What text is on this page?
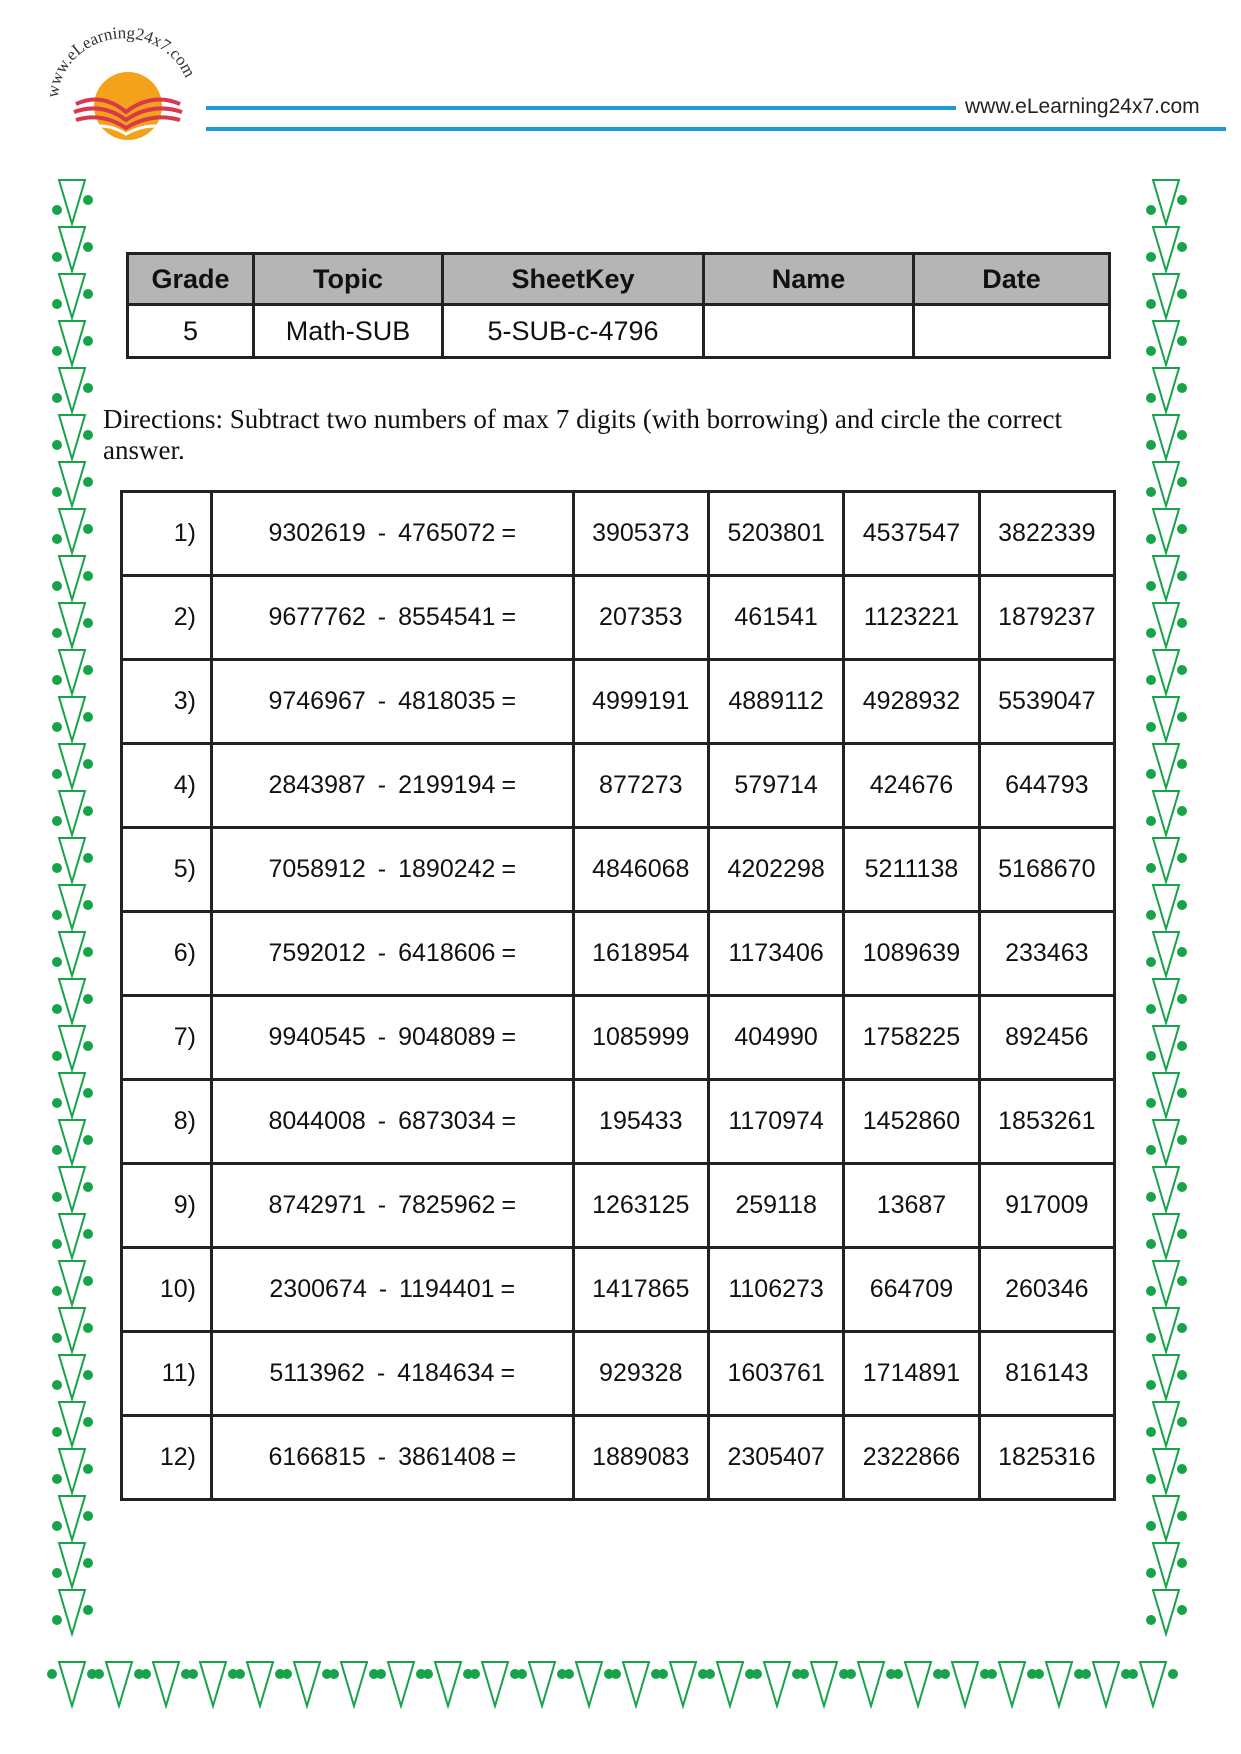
www.eLearning24x7.com
www.eLearning24x7.com
Grade	Topic	SheetKey	Name	Date
5	Math-SUB	5-SUB-c-4796		
Directions: Subtract two numbers of max 7 digits (with borrowing) and circle the correct answer.
1)	9302619 - 4765072 =	3905373	5203801	4537547	3822339
2)	9677762 - 8554541 =	207353	461541	1123221	1879237
3)	9746967 - 4818035 =	4999191	4889112	4928932	5539047
4)	2843987 - 2199194 =	877273	579714	424676	644793
5)	7058912 - 1890242 =	4846068	4202298	5211138	5168670
6)	7592012 - 6418606 =	1618954	1173406	1089639	233463
7)	9940545 - 9048089 =	1085999	404990	1758225	892456
8)	8044008 - 6873034 =	195433	1170974	1452860	1853261
9)	8742971 - 7825962 =	1263125	259118	13687	917009
10)	2300674 - 1194401 =	1417865	1106273	664709	260346
11)	5113962 - 4184634 =	929328	1603761	1714891	816143
12)	6166815 - 3861408 =	1889083	2305407	2322866	1825316
